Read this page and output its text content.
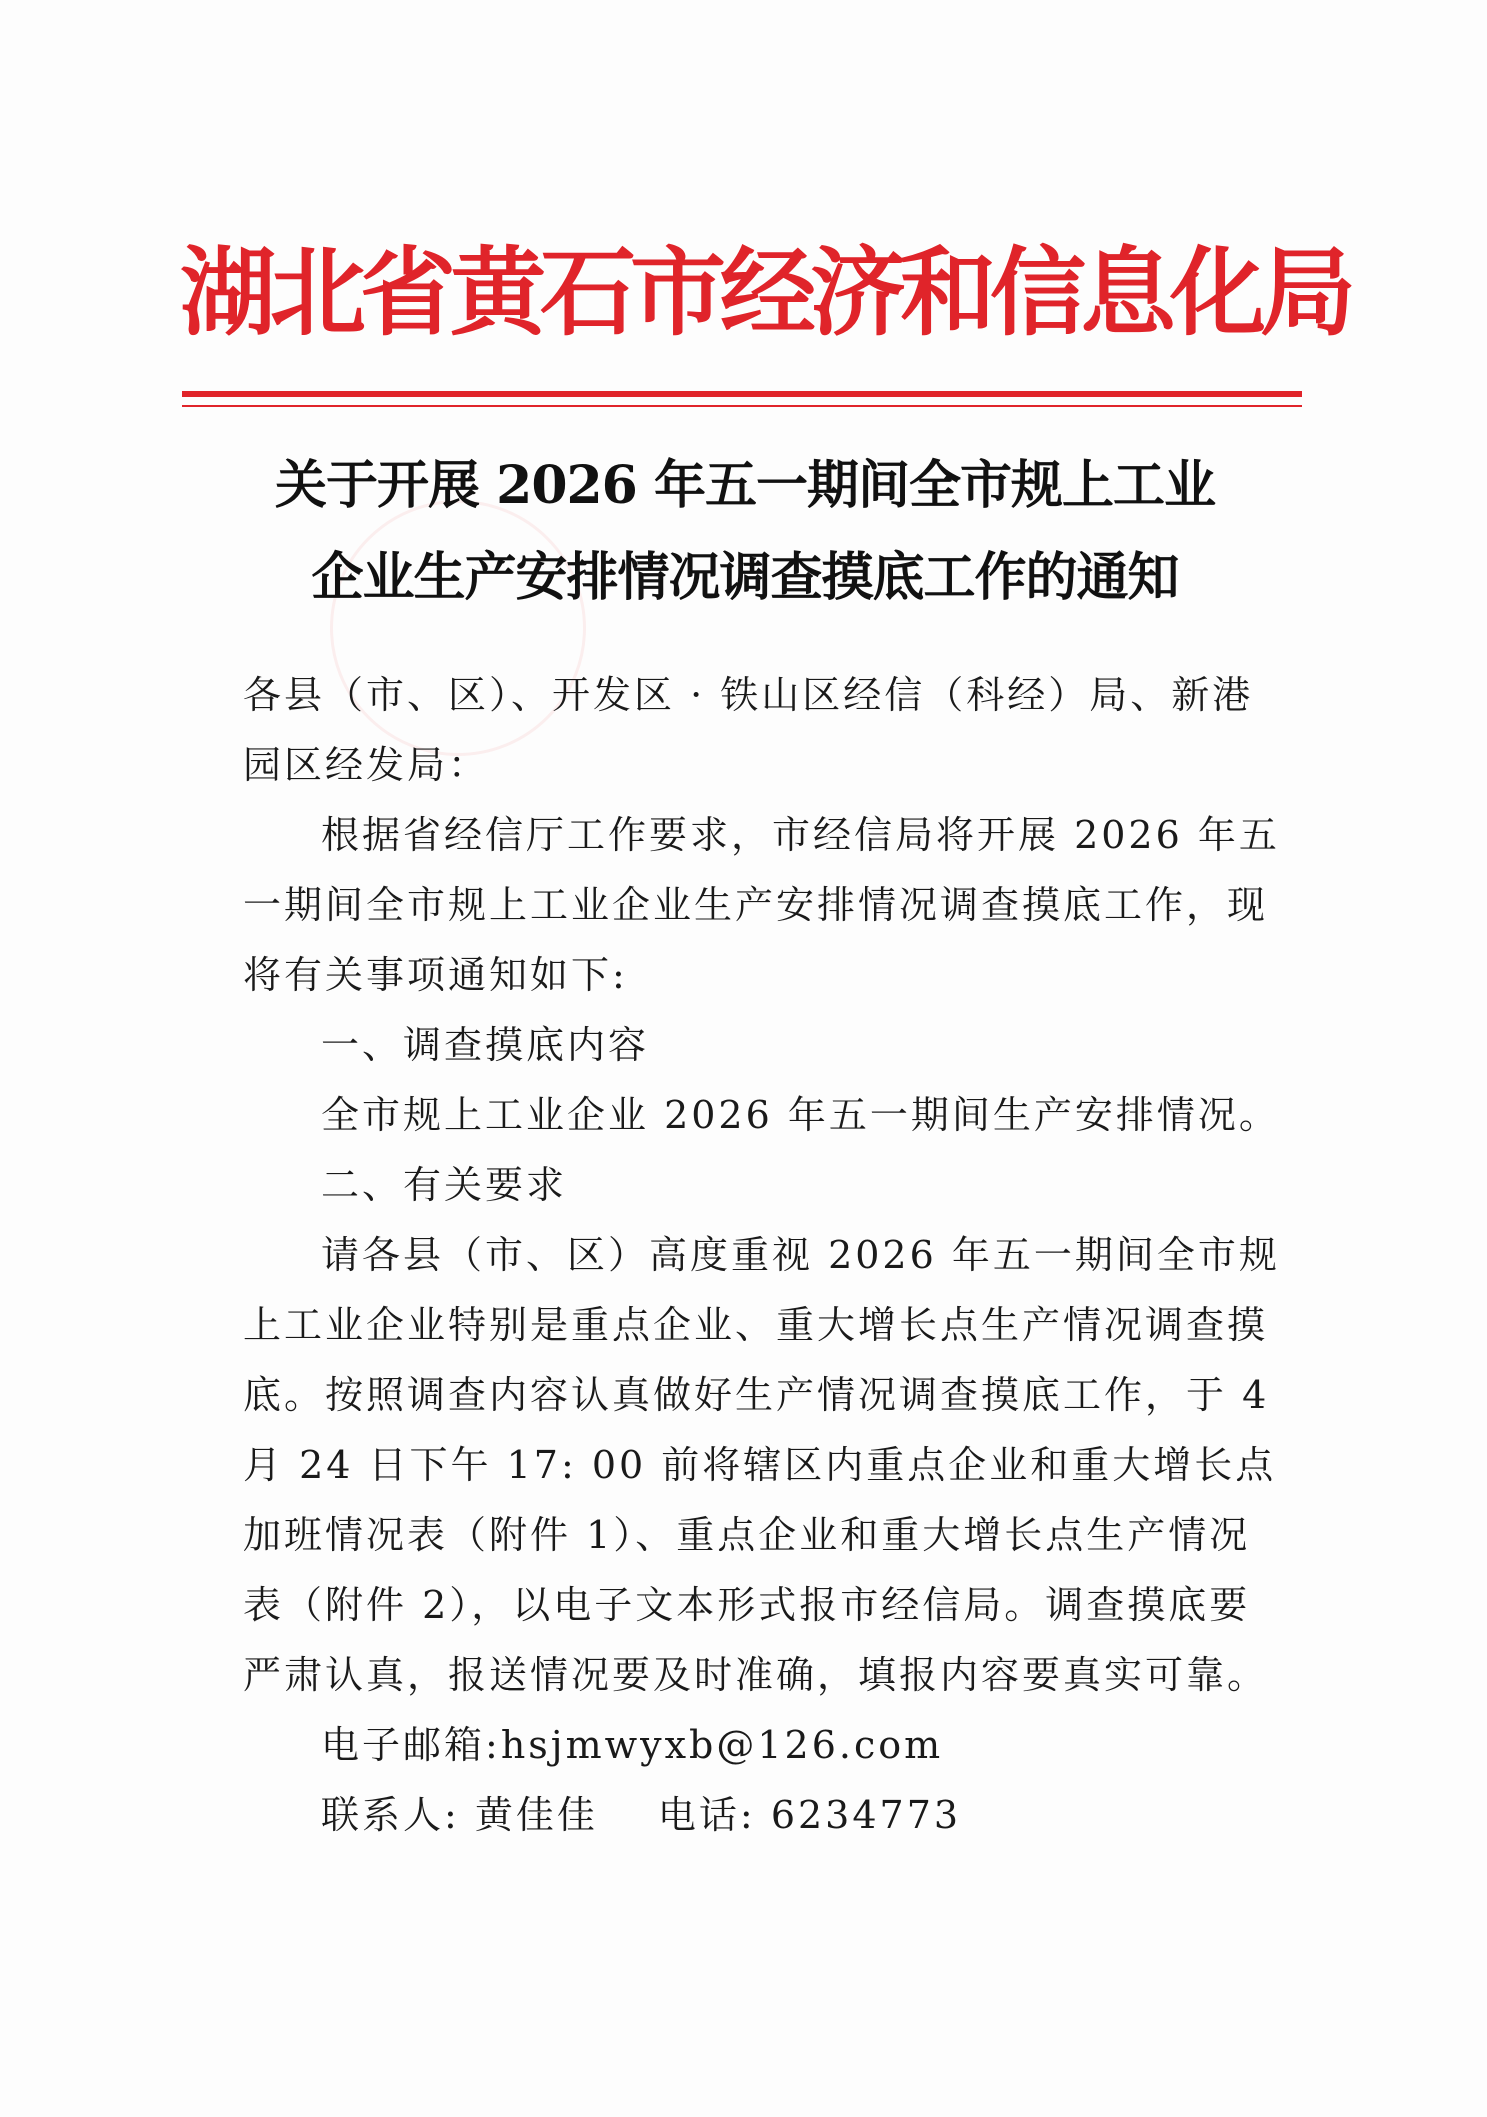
湖北省黄石市经济和信息化局
关于开展 2026 年五一期间全市规上工业
企业生产安排情况调查摸底工作的通知

各县（市、区）、开发区 · 铁山区经信（科经）局、新港园区经发局：

根据省经信厅工作要求，市经信局将开展 2026 年五一期间全市规上工业企业生产安排情况调查摸底工作，现将有关事项通知如下:

一、调查摸底内容

全市规上工业企业 2026 年五一期间生产安排情况。

二、有关要求

请各县（市、区）高度重视 2026 年五一期间全市规上工业企业特别是重点企业、重大增长点生产情况调查摸底。按照调查内容认真做好生产情况调查摸底工作，于 4 月 24 日下午 17: 00 前将辖区内重点企业和重大增长点加班情况表（附件 1）、重点企业和重大增长点生产情况表（附件 2），以电子文本形式报市经信局。调查摸底要严肃认真，报送情况要及时准确，填报内容要真实可靠。

电子邮箱:hsjmwyxb@126.com

联系人: 黄佳佳 电话: 6234773
